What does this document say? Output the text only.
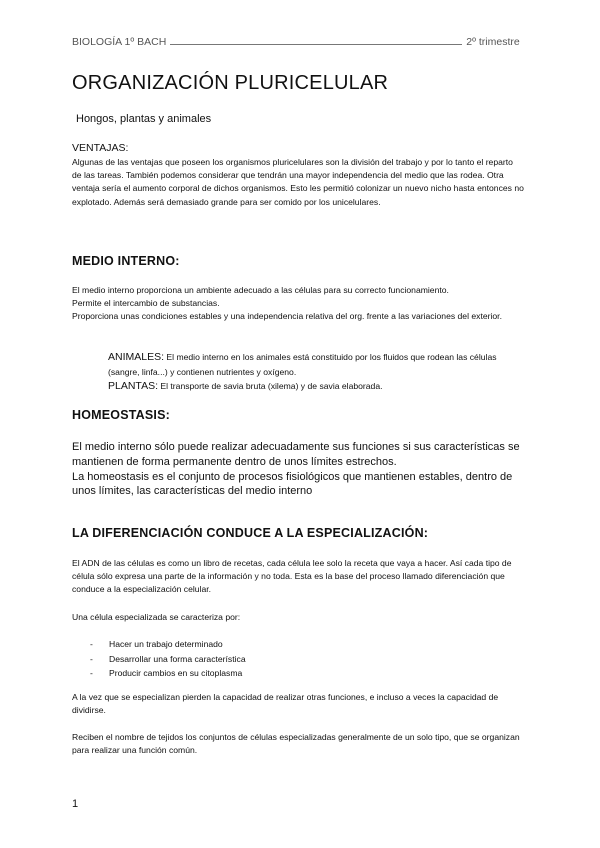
BIOLOGÍA 1º BACH	2º trimestre
ORGANIZACIÓN PLURICELULAR
Hongos, plantas y animales
VENTAJAS:

Algunas de las ventajas que poseen los organismos pluricelulares son la división del trabajo y por lo tanto el reparto de las tareas. También podemos considerar que tendrán una mayor independencia del medio que las rodea. Otra ventaja sería el aumento corporal de dichos organismos. Esto les permitió colonizar un nuevo nicho hasta entonces no explotado. Además será demasiado grande para ser comido por los unicelulares.

MEDIO INTERNO:

El medio interno proporciona un ambiente adecuado a las células para su correcto funcionamiento.

Permite el intercambio de substancias.

Proporciona unas condiciones estables y una independencia relativa del org. frente a las variaciones del exterior.

ANIMALES: El medio interno en los animales está constituido por los fluidos que rodean las células (sangre, linfa...) y contienen nutrientes y oxígeno.
PLANTAS: El transporte de savia bruta (xilema) y de savia elaborada.
HOMEOSTASIS:

El medio interno sólo puede realizar adecuadamente sus funciones si sus características se mantienen de forma permanente dentro de unos límites estrechos.

La homeostasis es el conjunto de procesos fisiológicos que mantienen estables, dentro de unos límites, las características del medio interno

LA DIFERENCIACIÓN CONDUCE A LA ESPECIALIZACIÓN:

El ADN de las células es como un libro de recetas, cada célula lee solo la receta que vaya a hacer. Así cada tipo de célula sólo expresa una parte de la información y no toda. Esta es la base del proceso llamado diferenciación que conduce a la especialización celular.

Una célula especializada se caracteriza por:

-	Hacer un trabajo determinado
-	Desarrollar una forma característica
-	Producir cambios en su citoplasma

A la vez que se especializan pierden la capacidad de realizar otras funciones, e incluso a veces la capacidad de dividirse.

Reciben el nombre de tejidos los conjuntos de células especializadas generalmente de un solo tipo, que se organizan para realizar una función común.

1
